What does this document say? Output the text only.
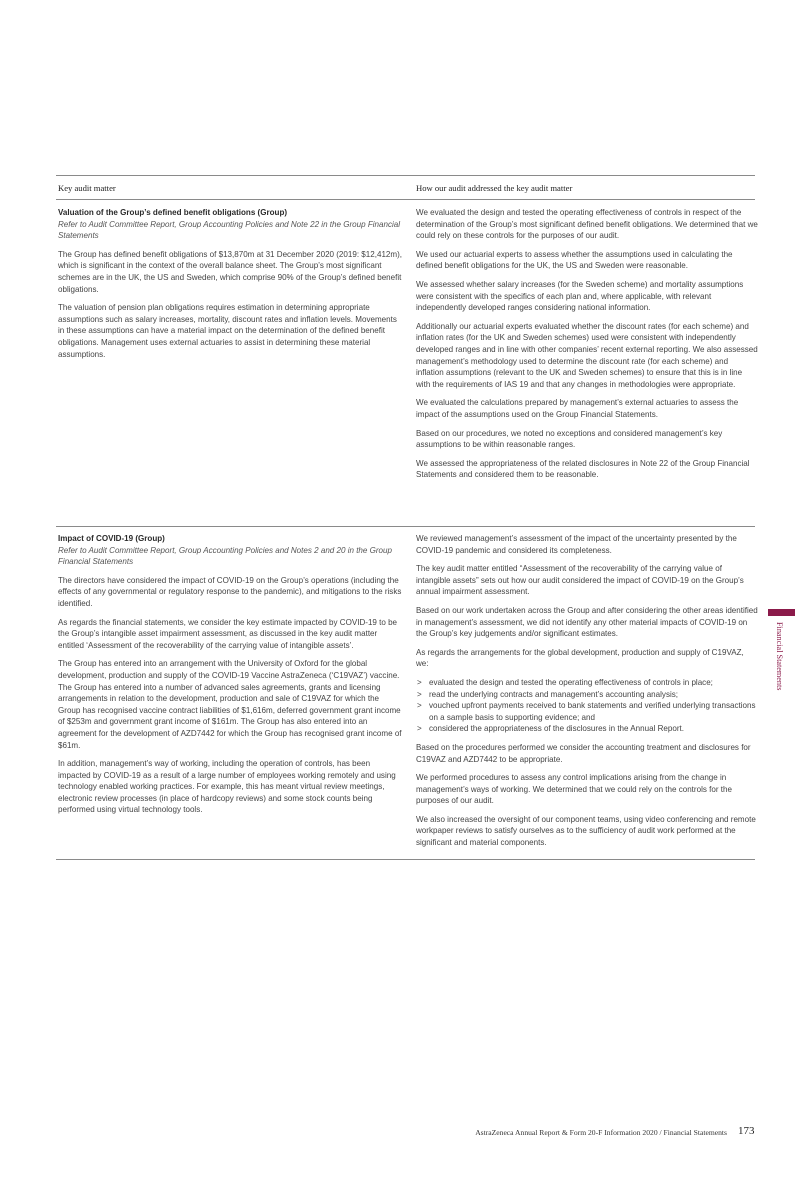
Key audit matter	How our audit addressed the key audit matter
Valuation of the Group’s defined benefit obligations (Group)

Refer to Audit Committee Report, Group Accounting Policies and Note 22 in the Group Financial Statements

The Group has defined benefit obligations of $13,870m at 31 December 2020 (2019: $12,412m), which is significant in the context of the overall balance sheet. The Group’s most significant schemes are in the UK, the US and Sweden, which comprise 90% of the Group’s defined benefit obligations.

The valuation of pension plan obligations requires estimation in determining appropriate assumptions such as salary increases, mortality, discount rates and inflation levels. Movements in these assumptions can have a material impact on the determination of the defined benefit obligations. Management uses external actuaries to assist in determining these material assumptions.

We evaluated the design and tested the operating effectiveness of controls in respect of the determination of the Group’s most significant defined benefit obligations. We determined that we could rely on these controls for the purposes of our audit.

We used our actuarial experts to assess whether the assumptions used in calculating the defined benefit obligations for the UK, the US and Sweden were reasonable.

We assessed whether salary increases (for the Sweden scheme) and mortality assumptions were consistent with the specifics of each plan and, where applicable, with relevant independently developed ranges considering national information.

Additionally our actuarial experts evaluated whether the discount rates (for each scheme) and inflation rates (for the UK and Sweden schemes) used were consistent with independently developed ranges and in line with other companies’ recent external reporting. We also assessed management’s methodology used to determine the discount rate (for each scheme) and inflation assumptions (relevant to the UK and Sweden schemes) to ensure that this is in line with the requirements of IAS 19 and that any changes in methodologies were appropriate.

We evaluated the calculations prepared by management’s external actuaries to assess the impact of the assumptions used on the Group Financial Statements.

Based on our procedures, we noted no exceptions and considered management’s key assumptions to be within reasonable ranges.

We assessed the appropriateness of the related disclosures in Note 22 of the Group Financial Statements and considered them to be reasonable.

Impact of COVID-19 (Group)

Refer to Audit Committee Report, Group Accounting Policies and Notes 2 and 20 in the Group Financial Statements

The directors have considered the impact of COVID-19 on the Group’s operations (including the effects of any governmental or regulatory response to the pandemic), and mitigations to the risks identified.

As regards the financial statements, we consider the key estimate impacted by COVID-19 to be the Group’s intangible asset impairment assessment, as discussed in the key audit matter entitled ‘Assessment of the recoverability of the carrying value of intangible assets’.

The Group has entered into an arrangement with the University of Oxford for the global development, production and supply of the COVID-19 Vaccine AstraZeneca (‘C19VAZ’) vaccine. The Group has entered into a number of advanced sales agreements, grants and licensing arrangements in relation to the development, production and sale of C19VAZ for which the Group has recognised vaccine contract liabilities of $1,616m, deferred government grant income of $253m and government grant income of $161m. The Group has also entered into an agreement for the development of AZD7442 for which the Group has recognised grant income of $61m.

In addition, management’s way of working, including the operation of controls, has been impacted by COVID-19 as a result of a large number of employees working remotely and using technology enabled working practices. For example, this has meant virtual review meetings, electronic review processes (in place of hardcopy reviews) and some stock counts being performed using virtual technology tools.

We reviewed management’s assessment of the impact of the uncertainty presented by the COVID-19 pandemic and considered its completeness.

The key audit matter entitled “Assessment of the recoverability of the carrying value of intangible assets” sets out how our audit considered the impact of COVID-19 on the Group’s annual impairment assessment.

Based on our work undertaken across the Group and after considering the other areas identified in management’s assessment, we did not identify any other material impacts of COVID-19 on the Group’s key judgements and/or significant estimates.

As regards the arrangements for the global development, production and supply of C19VAZ, we:

> evaluated the design and tested the operating effectiveness of controls in place;
> read the underlying contracts and management’s accounting analysis;
> vouched upfront payments received to bank statements and verified underlying transactions on a sample basis to supporting evidence; and
> considered the appropriateness of the disclosures in the Annual Report.

Based on the procedures performed we consider the accounting treatment and disclosures for C19VAZ and AZD7442 to be appropriate.

We performed procedures to assess any control implications arising from the change in management’s ways of working. We determined that we could rely on the controls for the purposes of our audit.

We also increased the oversight of our component teams, using video conferencing and remote workpaper reviews to satisfy ourselves as to the sufficiency of audit work performed at the significant and material components.

Financial Statements
AstraZeneca Annual Report & Form 20-F Information 2020 / Financial Statements 173
